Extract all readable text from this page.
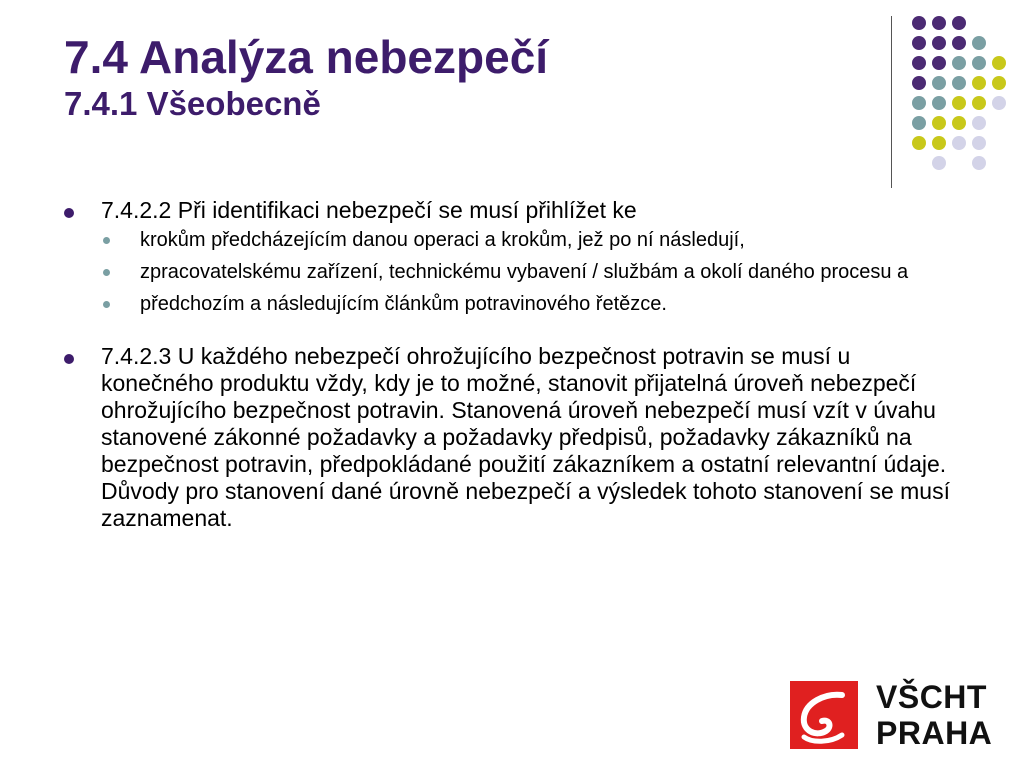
7.4 Analýza nebezpečí
7.4.1 Všeobecně
7.4.2.2 Při identifikaci nebezpečí se musí přihlížet ke
krokům předcházejícím danou operaci a krokům, jež po ní následují,
zpracovatelskému zařízení, technickému vybavení / službám a okolí daného procesu a
předchozím a následujícím článkům potravinového řetězce.
7.4.2.3 U každého nebezpečí ohrožujícího bezpečnost potravin se musí u konečného produktu vždy, kdy je to možné, stanovit přijatelná úroveň nebezpečí ohrožujícího bezpečnost potravin. Stanovená úroveň nebezpečí musí vzít v úvahu stanovené zákonné požadavky a požadavky předpisů, požadavky zákazníků na bezpečnost potravin, předpokládané použití zákazníkem a ostatní relevantní údaje. Důvody pro stanovení dané úrovně nebezpečí a výsledek tohoto stanovení se musí zaznamenat.
VŠCHT
PRAHA
